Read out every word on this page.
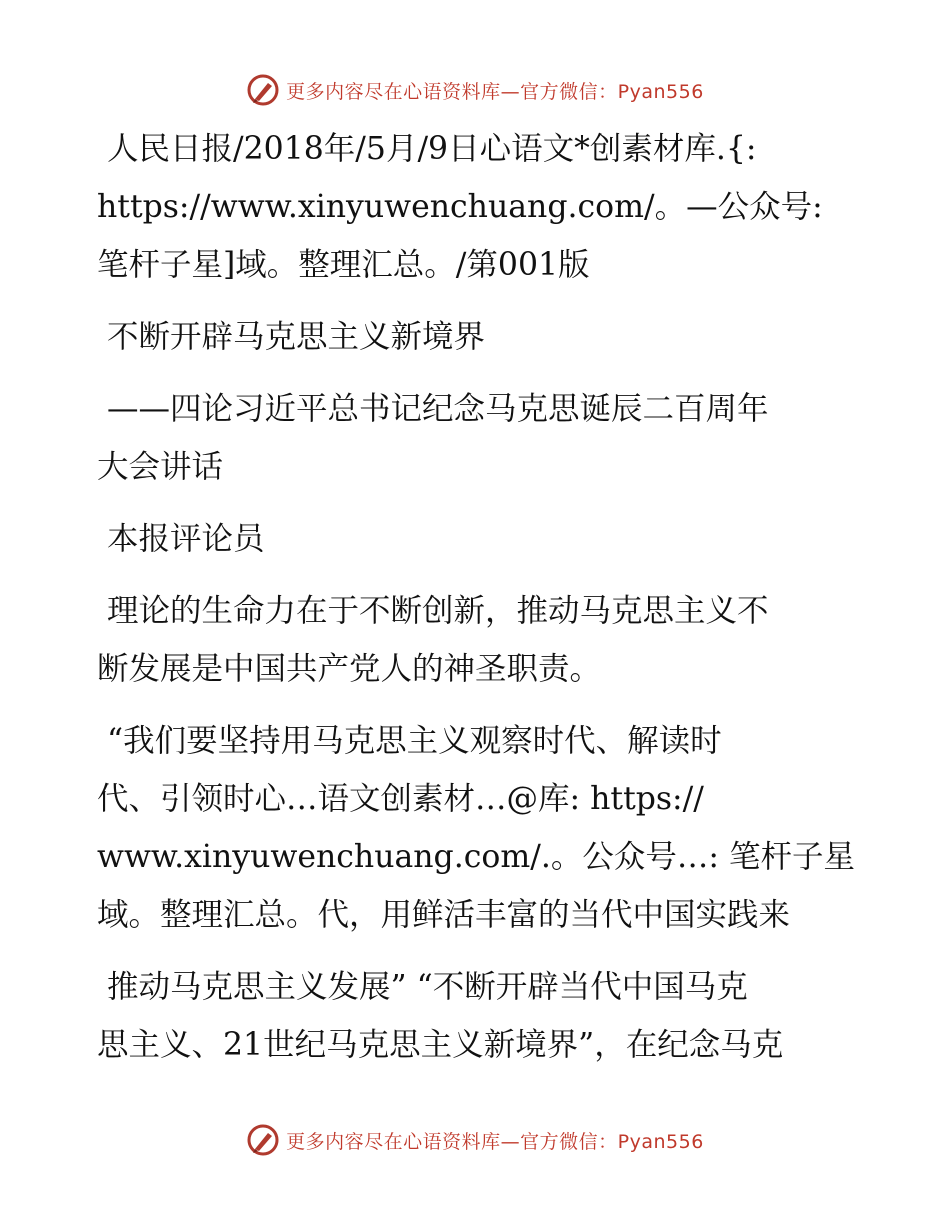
更多内容尽在心语资料库—官方微信：Pyan556

人民日报/2018年/5月/9日心语文*创素材库.{:
https://www.xinyuwenchuang.com/。—公众号:
笔杆子星]域。整理汇总。/第001版

不断开辟马克思主义新境界

——四论习近平总书记纪念马克思诞辰二百周年
大会讲话

本报评论员

理论的生命力在于不断创新，推动马克思主义不
断发展是中国共产党人的神圣职责。

“我们要坚持用马克思主义观察时代、解读时
代、引领时心…语文创素材…@库: https://
www.xinyuwenchuang.com/.。公众号…: 笔杆子星
域。整理汇总。代，用鲜活丰富的当代中国实践来

推动马克思主义发展” “不断开辟当代中国马克
思主义、21世纪马克思主义新境界”，在纪念马克

更多内容尽在心语资料库—官方微信：Pyan556
